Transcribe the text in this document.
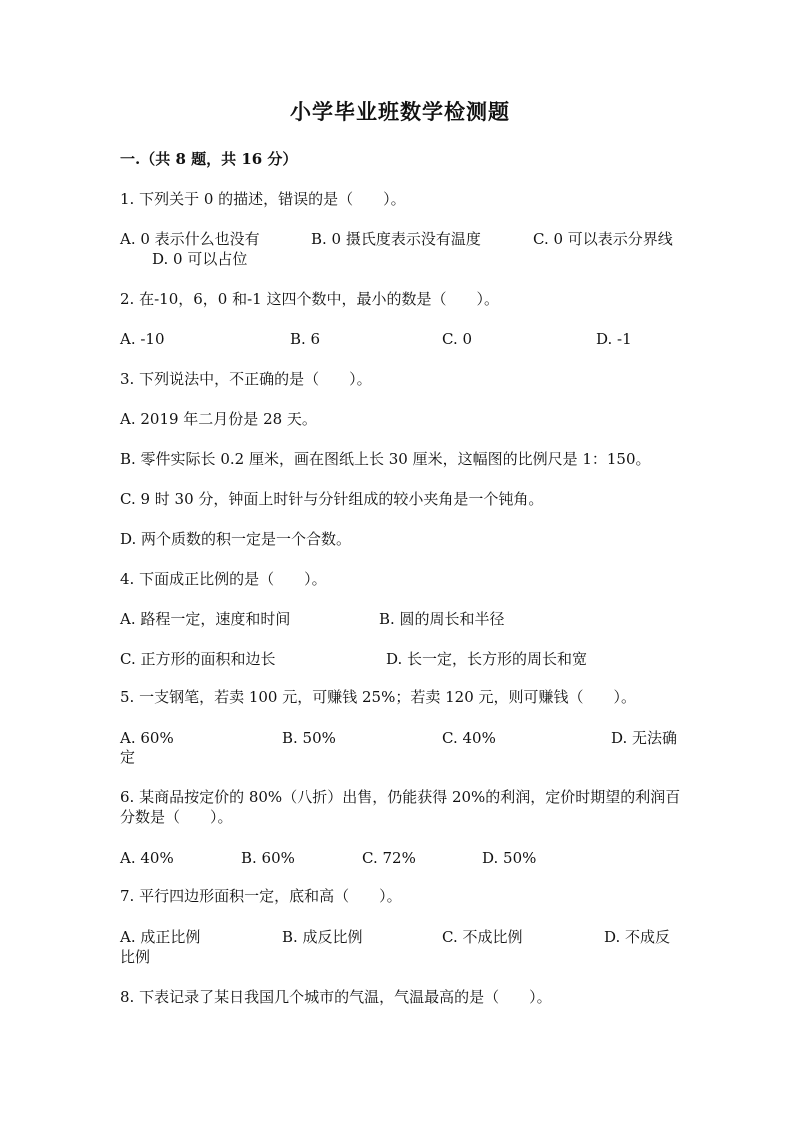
小学毕业班数学检测题
一.（共 8 题，共 16 分）
1. 下列关于 0 的描述，错误的是（　　）。
A. 0 表示什么也没有	B. 0 摄氏度表示没有温度	C. 0 可以表示分界线
D. 0 可以占位
2. 在-10，6，0 和-1 这四个数中，最小的数是（　　）。
A. -10	B. 6	C. 0	D. -1
3. 下列说法中，不正确的是（　　）。
A. 2019 年二月份是 28 天。
B. 零件实际长 0.2 厘米，画在图纸上长 30 厘米，这幅图的比例尺是 1：150。
C. 9 时 30 分，钟面上时针与分针组成的较小夹角是一个钝角。
D. 两个质数的积一定是一个合数。
4. 下面成正比例的是（　　）。
A. 路程一定，速度和时间	B. 圆的周长和半径
C. 正方形的面积和边长	D. 长一定，长方形的周长和宽
5. 一支钢笔，若卖 100 元，可赚钱 25%；若卖 120 元，则可赚钱（　　）。
A. 60%	B. 50%	C. 40%	D. 无法确
定
6. 某商品按定价的 80%（八折）出售，仍能获得 20%的利润，定价时期望的利润百
分数是（　　）。
A. 40%	B. 60%	C. 72%	D. 50%
7. 平行四边形面积一定，底和高（　　）。
A. 成正比例	B. 成反比例	C. 不成比例	D. 不成反
比例
8. 下表记录了某日我国几个城市的气温，气温最高的是（　　）。
